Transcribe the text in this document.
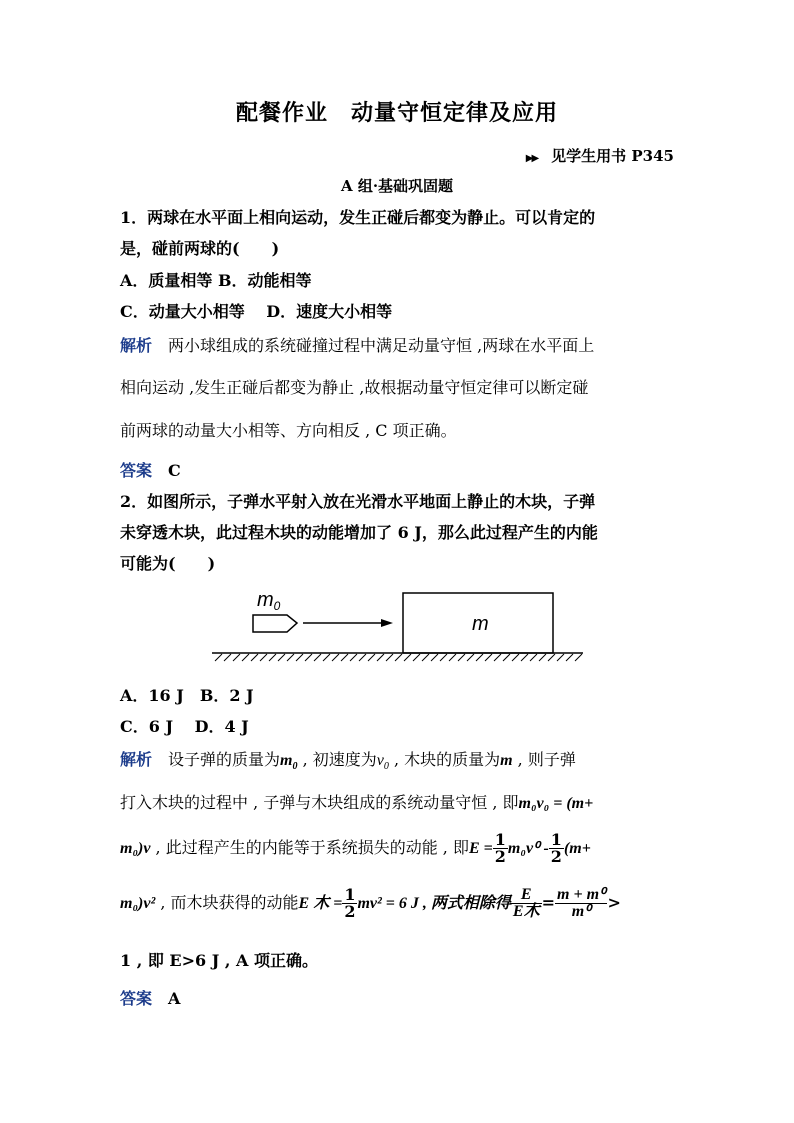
配餐作业　动量守恒定律及应用
▶▶ 见学生用书 P345
A 组·基础巩固题
1．两球在水平面上相向运动，发生正碰后都变为静止。可以肯定的
是，碰前两球的(　　)
A．质量相等 B．动能相等
C．动量大小相等　 D．速度大小相等
解析 两小球组成的系统碰撞过程中满足动量守恒 ,两球在水平面上
相向运动 ,发生正碰后都变为静止 ,故根据动量守恒定律可以断定碰
前两球的动量大小相等、方向相反 , C 项正确。
答案 C
2．如图所示，子弹水平射入放在光滑水平地面上静止的木块，子弹
未穿透木块，此过程木块的动能增加了 6 J，那么此过程产生的内能
可能为(　　)
$m_0$
m
A．16 J　B．2 J
C．6 J　 D．4 J
解析 设子弹的质量为$m_0$ , 初速度为$v_0$ , 木块的质量为m , 则子弹
打入木块的过程中 , 子弹与木块组成的系统动量守恒 , 即m₀v₀ = (m+
m₀)v , 此过程产生的内能等于系统损失的动能 , 即$E = \frac{1}{2} m_0v^0 - \frac{1}{2} (m+$
m₀)v² , 而木块获得的动能E 木 = $\frac{1}{2} mv^2 = 6$ J , 两式相除得 $\frac{E}{\text{E木}} = \frac{\text{m + m⁰}}{\text{m⁰}}$ >
1 , 即 E>6 J , A 项正确。
答案 A
